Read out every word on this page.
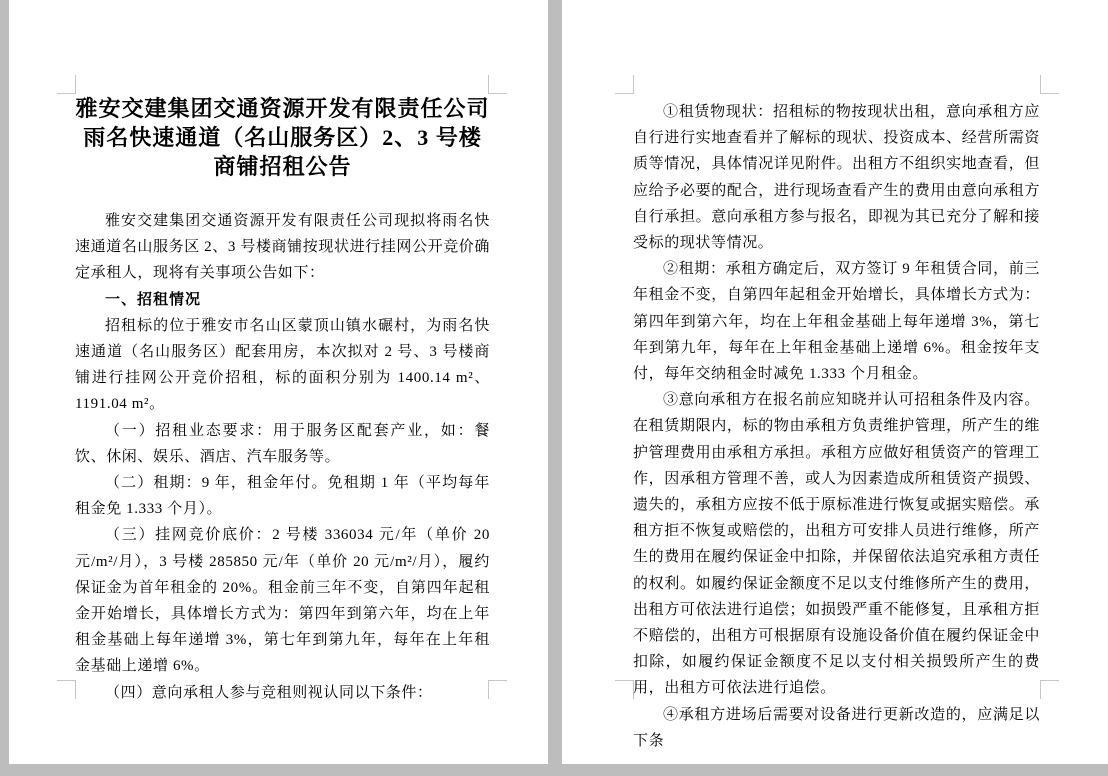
雅安交建集团交通资源开发有限责任公司
雨名快速通道（名山服务区）2、3 号楼
商铺招租公告

雅安交建集团交通资源开发有限责任公司现拟将雨名快速通道名山服务区 2、3 号楼商铺按现状进行挂网公开竞价确定承租人，现将有关事项公告如下：

一、招租情况

招租标的位于雅安市名山区蒙顶山镇水碾村，为雨名快速通道（名山服务区）配套用房，本次拟对 2 号、3 号楼商铺进行挂网公开竞价招租，标的面积分别为 1400.14 m²、1191.04 m²。

（一）招租业态要求：用于服务区配套产业，如：餐饮、休闲、娱乐、酒店、汽车服务等。

（二）租期：9 年，租金年付。免租期 1 年（平均每年租金免 1.333 个月）。

（三）挂网竞价底价：2 号楼 336034 元/年（单价 20 元/m²/月），3 号楼 285850 元/年（单价 20 元/m²/月），履约保证金为首年租金的 20%。租金前三年不变，自第四年起租金开始增长，具体增长方式为：第四年到第六年，均在上年租金基础上每年递增 3%，第七年到第九年，每年在上年租金基础上递增 6%。

（四）意向承租人参与竞租则视认同以下条件：

①租赁物现状：招租标的物按现状出租，意向承租方应自行进行实地查看并了解标的现状、投资成本、经营所需资质等情况，具体情况详见附件。出租方不组织实地查看，但应给予必要的配合，进行现场查看产生的费用由意向承租方自行承担。意向承租方参与报名，即视为其已充分了解和接受标的现状等情况。

②租期：承租方确定后，双方签订 9 年租赁合同，前三年租金不变，自第四年起租金开始增长，具体增长方式为：第四年到第六年，均在上年租金基础上每年递增 3%，第七年到第九年，每年在上年租金基础上递增 6%。租金按年支付，每年交纳租金时减免 1.333 个月租金。

③意向承租方在报名前应知晓并认可招租条件及内容。在租赁期限内，标的物由承租方负责维护管理，所产生的维护管理费用由承租方承担。承租方应做好租赁资产的管理工作，因承租方管理不善，或人为因素造成所租赁资产损毁、遗失的，承租方应按不低于原标准进行恢复或据实赔偿。承租方拒不恢复或赔偿的，出租方可安排人员进行维修，所产生的费用在履约保证金中扣除，并保留依法追究承租方责任的权利。如履约保证金额度不足以支付维修所产生的费用，出租方可依法进行追偿；如损毁严重不能修复，且承租方拒不赔偿的，出租方可根据原有设施设备价值在履约保证金中扣除，如履约保证金额度不足以支付相关损毁所产生的费用，出租方可依法进行追偿。

④承租方进场后需要对设备进行更新改造的，应满足以下条
